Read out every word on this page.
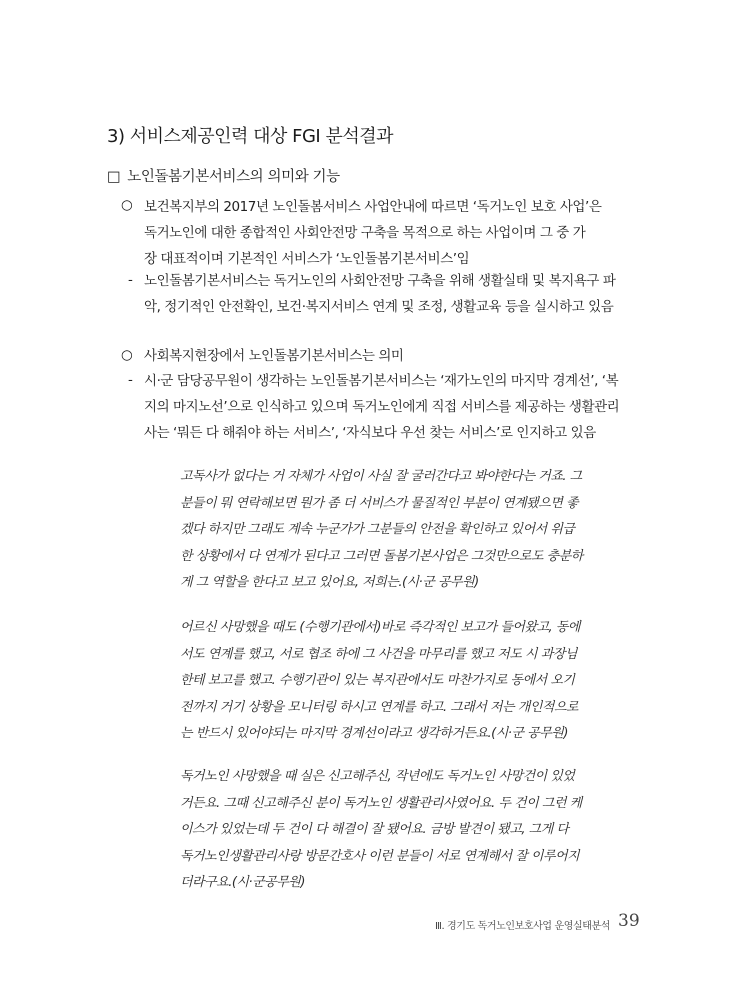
3) 서비스제공인력 대상 FGI 분석결과
□ 노인돌봄기본서비스의 의미와 기능
○ 보건복지부의 2017년 노인돌봄서비스 사업안내에 따르면 ‘독거노인 보호 사업’은
독거노인에 대한 종합적인 사회안전망 구축을 목적으로 하는 사업이며 그 중 가
장 대표적이며 기본적인 서비스가 ‘노인돌봄기본서비스’임
- 노인돌봄기본서비스는 독거노인의 사회안전망 구축을 위해 생활실태 및 복지욕구 파
악, 정기적인 안전확인, 보건·복지서비스 연계 및 조정, 생활교육 등을 실시하고 있음
○ 사회복지현장에서 노인돌봄기본서비스는 의미
- 시·군 담당공무원이 생각하는 노인돌봄기본서비스는 ‘재가노인의 마지막 경계선’, ‘복
지의 마지노선’으로 인식하고 있으며 독거노인에게 직접 서비스를 제공하는 생활관리
사는 ‘뭐든 다 해줘야 하는 서비스’, ‘자식보다 우선 찾는 서비스’로 인지하고 있음
고독사가 없다는 거 자체가 사업이 사실 잘 굴러간다고 봐야한다는 거죠. 그
분들이 뭐 연락해보면 뭔가 좀 더 서비스가 물질적인 부분이 연계됐으면 좋
겠다 하지만 그래도 계속 누군가가 그분들의 안전을 확인하고 있어서 위급
한 상황에서 다 연계가 된다고 그러면 돌봄기본사업은 그것만으로도 충분하
게 그 역할을 한다고 보고 있어요, 저희는.(시·군 공무원)
어르신 사망했을 때도 (수행기관에서)바로 즉각적인 보고가 들어왔고, 동에
서도 연계를 했고, 서로 협조 하에 그 사건을 마무리를 했고 저도 시 과장님
한테 보고를 했고. 수행기관이 있는 복지관에서도 마찬가지로 동에서 오기
전까지 거기 상황을 모니터링 하시고 연계를 하고. 그래서 저는 개인적으로
는 반드시 있어야되는 마지막 경계선이라고 생각하거든요.(시·군 공무원)
독거노인 사망했을 때 실은 신고해주신, 작년에도 독거노인 사망건이 있었
거든요. 그때 신고해주신 분이 독거노인 생활관리사였어요. 두 건이 그런 케
이스가 있었는데 두 건이 다 해결이 잘 됐어요. 금방 발견이 됐고, 그게 다
독거노인생활관리사랑 방문간호사 이런 분들이 서로 연계해서 잘 이루어지
더라구요.(시·군공무원)
Ⅲ. 경기도 독거노인보호사업 운영실태분석 39
